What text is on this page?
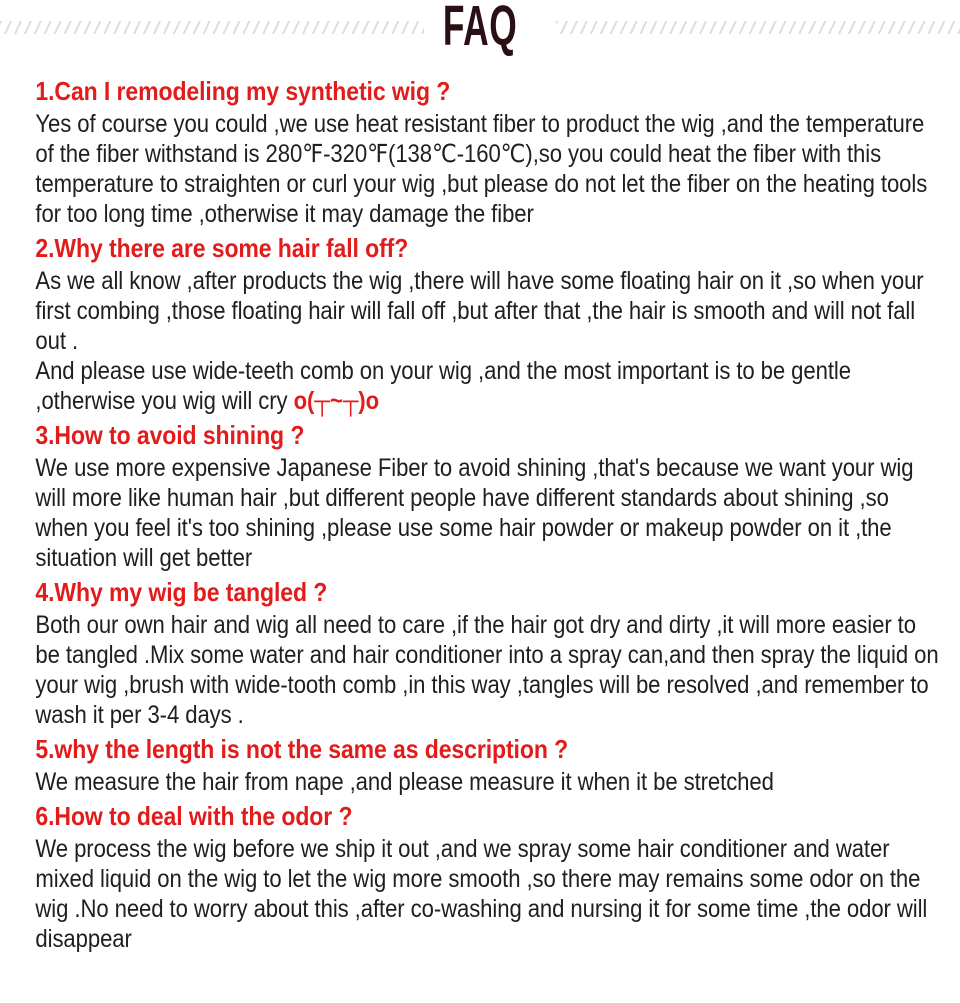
FAQ
1.Can I remodeling my synthetic wig ?

Yes of course you could ,we use heat resistant fiber to product the wig ,and the temperature of the fiber withstand is 280℉-320℉(138℃-160℃),so you could heat the fiber with this temperature to straighten or curl your wig ,but please do not let the fiber on the heating tools for too long time ,otherwise it may damage the fiber

2.Why there are some hair fall off?

As we all know ,after products the wig ,there will have some floating hair on it ,so when your first combing ,those floating hair will fall off ,but after that ,the hair is smooth and will not fall out .

And please use wide-teeth comb on your wig ,and the most important is to be gentle ,otherwise you wig will cry o(┬~┬)o

3.How to avoid shining ?

We use more expensive Japanese Fiber to avoid shining ,that's because we want your wig will more like human hair ,but different people have different standards about shining ,so when you feel it's too shining ,please use some hair powder or makeup powder on it ,the situation will get better

4.Why my wig be tangled ?

Both our own hair and wig all need to care ,if the hair got dry and dirty ,it will more easier to be tangled .Mix some water and hair conditioner into a spray can,and then spray the liquid on your wig ,brush with wide-tooth comb ,in this way ,tangles will be resolved ,and remember to wash it per 3-4 days .

5.why the length is not the same as description ?

We measure the hair from nape ,and please measure it when it be stretched

6.How to deal with the odor ?

We process the wig before we ship it out ,and we spray some hair conditioner and water mixed liquid on the wig to let the wig more smooth ,so there may remains some odor on the wig .No need to worry about this ,after co-washing and nursing it for some time ,the odor will disappear
